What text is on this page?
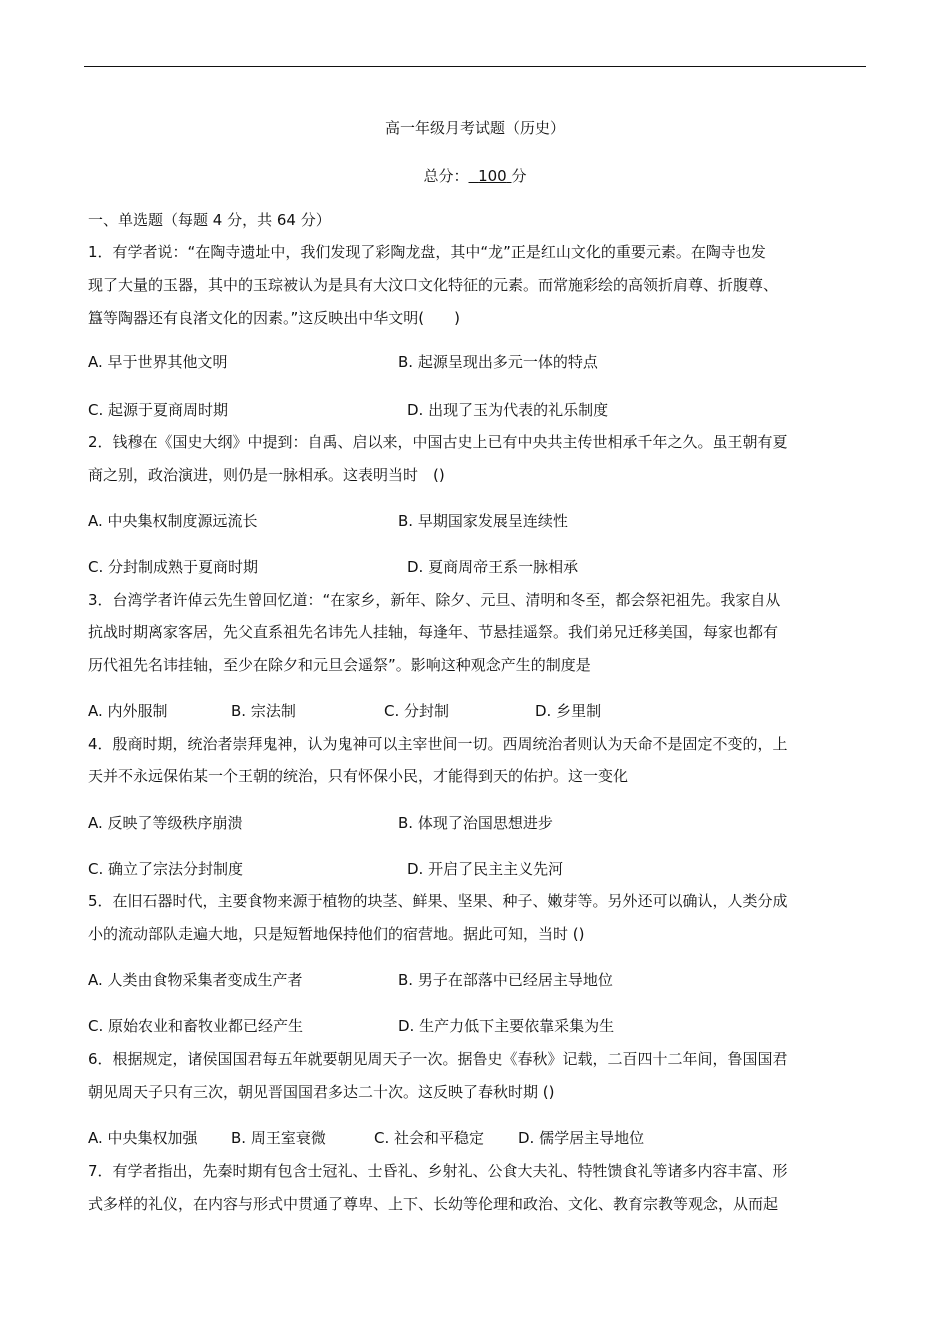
高一年级月考试题（历史）
总分： 100 分
一、单选题（每题 4 分，共 64 分）
1．有学者说：“在陶寺遗址中，我们发现了彩陶龙盘，其中“龙”正是红山文化的重要元素。在陶寺也发
现了大量的玉器，其中的玉琮被认为是具有大汶口文化特征的元素。而常施彩绘的高领折肩尊、折腹尊、
簋等陶器还有良渚文化的因素。”这反映出中华文明(　　)
A. 早于世界其他文明	B. 起源呈现出多元一体的特点
C. 起源于夏商周时期	D. 出现了玉为代表的礼乐制度
2．钱穆在《国史大纲》中提到：自禹、启以来，中国古史上已有中央共主传世相承千年之久。虽王朝有夏
商之别，政治演进，则仍是一脉相承。这表明当时　()
A. 中央集权制度源远流长	B. 早期国家发展呈连续性
C. 分封制成熟于夏商时期	D. 夏商周帝王系一脉相承
3．台湾学者许倬云先生曾回忆道：“在家乡，新年、除夕、元旦、清明和冬至，都会祭祀祖先。我家自从
抗战时期离家客居，先父直系祖先名讳先人挂轴，每逢年、节悬挂遥祭。我们弟兄迁移美国，每家也都有
历代祖先名讳挂轴，至少在除夕和元旦会遥祭”。影响这种观念产生的制度是
A. 内外服制	B. 宗法制	C. 分封制	D. 乡里制
4．殷商时期，统治者崇拜鬼神，认为鬼神可以主宰世间一切。西周统治者则认为天命不是固定不变的，上
天并不永远保佑某一个王朝的统治，只有怀保小民，才能得到天的佑护。这一变化
A. 反映了等级秩序崩溃	B. 体现了治国思想进步
C. 确立了宗法分封制度	D. 开启了民主主义先河
5．在旧石器时代，主要食物来源于植物的块茎、鲜果、坚果、种子、嫩芽等。另外还可以确认，人类分成
小的流动部队走遍大地，只是短暂地保持他们的宿营地。据此可知，当时 ()
A. 人类由食物采集者变成生产者	B. 男子在部落中已经居主导地位
C. 原始农业和畜牧业都已经产生	D. 生产力低下主要依靠采集为生
6．根据规定，诸侯国国君每五年就要朝见周天子一次。据鲁史《春秋》记载，二百四十二年间，鲁国国君
朝见周天子只有三次，朝见晋国国君多达二十次。这反映了春秋时期 ()
A. 中央集权加强 B. 周王室衰微	C. 社会和平稳定 D. 儒学居主导地位
7．有学者指出，先秦时期有包含士冠礼、士昏礼、乡射礼、公食大夫礼、特牲馈食礼等诸多内容丰富、形
式多样的礼仪，在内容与形式中贯通了尊卑、上下、长幼等伦理和政治、文化、教育宗教等观念，从而起
